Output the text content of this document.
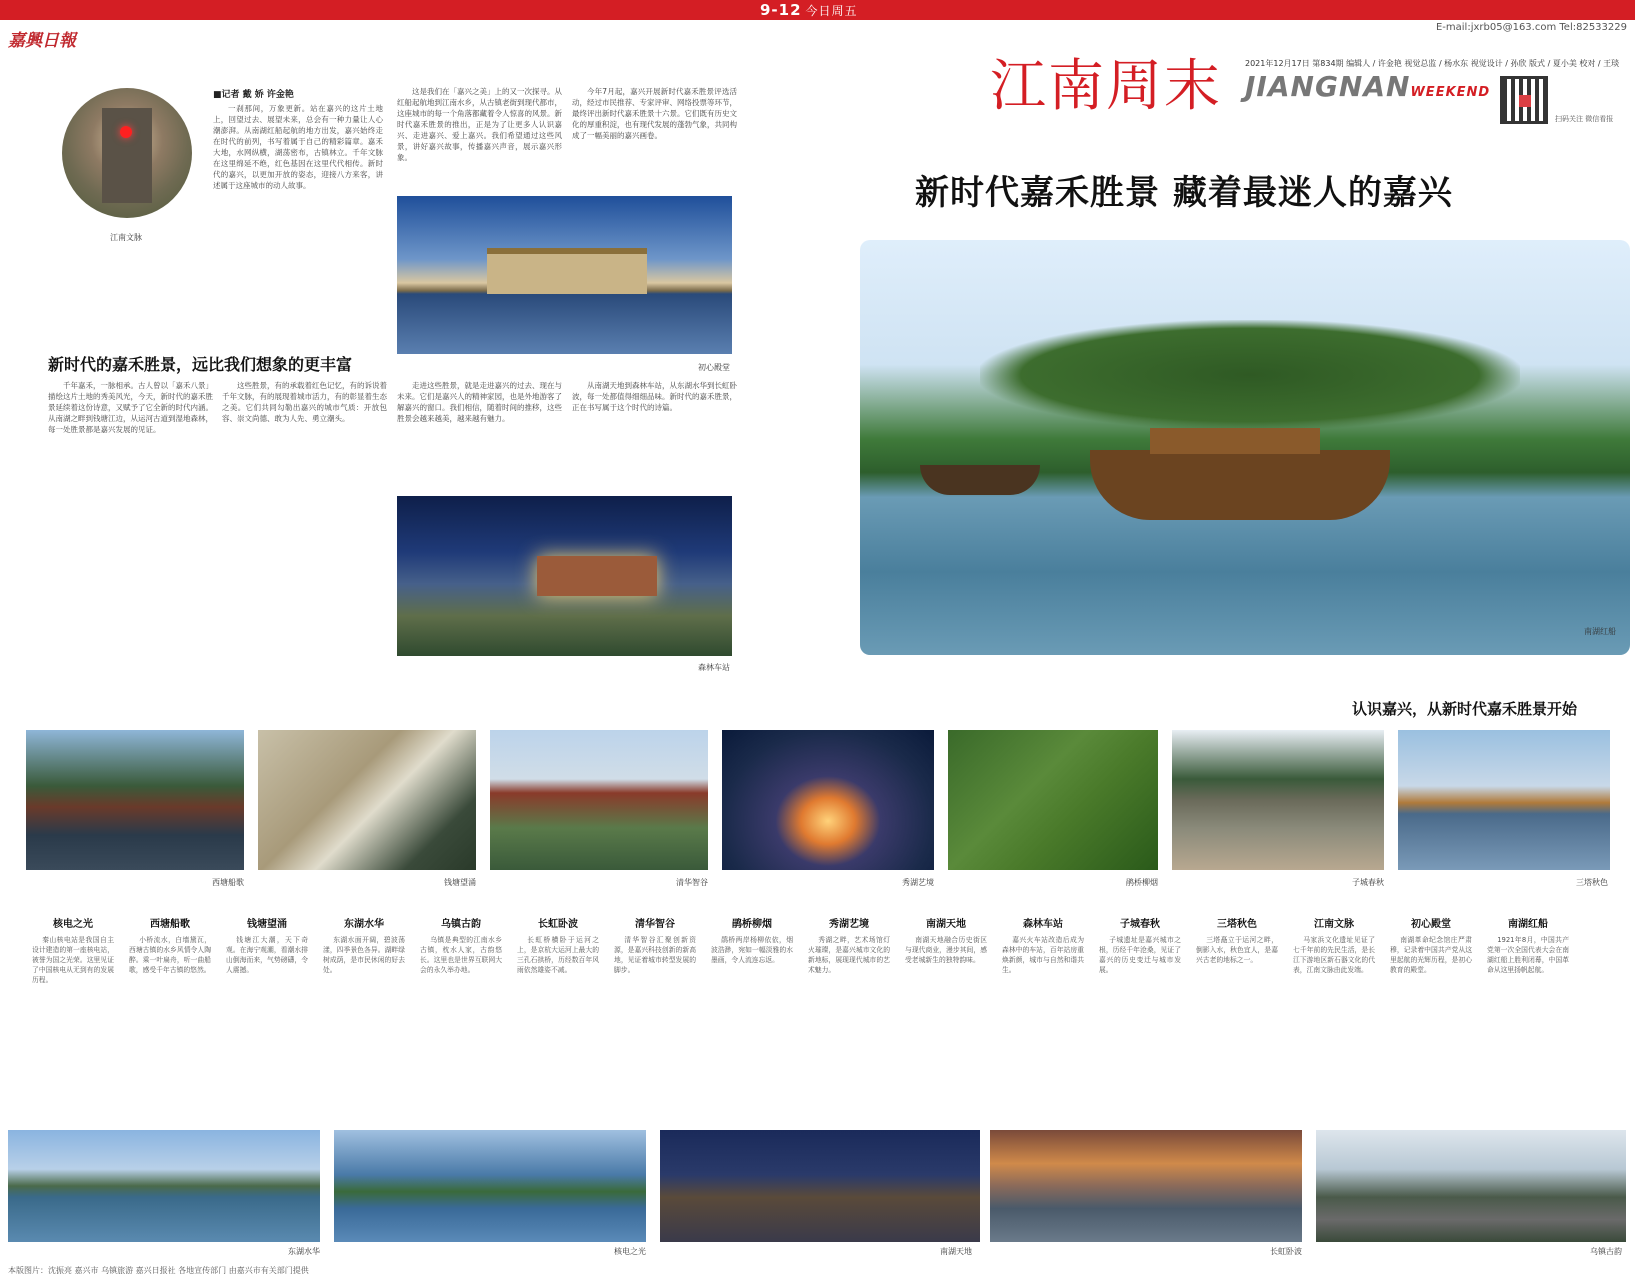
9-12 今日周五
E-mail:jxrb05@163.com Tel:82533229
嘉興日報
江南周末	2021年12月17日 第834期 编辑人 / 许金艳 视觉总监 / 杨水东 视觉设计 / 孙欣 版式 / 夏小美 校对 / 王琰
JIANGNANWEEKEND
扫码关注 微信看报
新时代嘉禾胜景 藏着最迷人的嘉兴
南湖红船
江南文脉
■记者 戴 娇 许金艳

一刹那间，万象更新。站在嘉兴的这片土地上，回望过去、展望未来，总会有一种力量让人心潮澎湃。从南湖红船起航的地方出发，嘉兴始终走在时代的前列，书写着属于自己的精彩篇章。嘉禾大地，水网纵横，湖荡密布，古镇林立。千年文脉在这里绵延不绝，红色基因在这里代代相传。新时代的嘉兴，以更加开放的姿态，迎接八方来客，讲述属于这座城市的动人故事。

这是我们在「嘉兴之美」上的又一次探寻。从红船起航地到江南水乡，从古镇老街到现代都市，这座城市的每一个角落都藏着令人惊喜的风景。新时代嘉禾胜景的推出，正是为了让更多人认识嘉兴、走进嘉兴、爱上嘉兴。我们希望通过这些风景，讲好嘉兴故事，传播嘉兴声音，展示嘉兴形象。

今年7月起，嘉兴开展新时代嘉禾胜景评选活动，经过市民推荐、专家评审、网络投票等环节，最终评出新时代嘉禾胜景十六景。它们既有历史文化的厚重积淀，也有现代发展的蓬勃气象，共同构成了一幅美丽的嘉兴画卷。

初心殿堂
新时代的嘉禾胜景，远比我们想象的更丰富

千年嘉禾，一脉相承。古人曾以「嘉禾八景」描绘这片土地的秀美风光，今天，新时代的嘉禾胜景延续着这份诗意，又赋予了它全新的时代内涵。从南湖之畔到钱塘江边，从运河古道到湿地森林，每一处胜景都是嘉兴发展的见证。

这些胜景，有的承载着红色记忆，有的诉说着千年文脉，有的展现着城市活力，有的彰显着生态之美。它们共同勾勒出嘉兴的城市气质：开放包容、崇文尚德、敢为人先、勇立潮头。

走进这些胜景，就是走进嘉兴的过去、现在与未来。它们是嘉兴人的精神家园，也是外地游客了解嘉兴的窗口。我们相信，随着时间的推移，这些胜景会越来越美，越来越有魅力。

从南湖天地到森林车站，从东湖水华到长虹卧波，每一处都值得细细品味。新时代的嘉禾胜景，正在书写属于这个时代的诗篇。

森林车站
认识嘉兴，从新时代嘉禾胜景开始
西塘船歌	钱塘望涌	清华智谷	秀湖艺境	鹃桥柳烟	子城春秋	三塔秋色
核电之光
秦山核电站是我国自主设计建造的第一座核电站，被誉为国之光荣。这里见证了中国核电从无到有的发展历程。
西塘船歌
小桥流水，白墙黛瓦，西塘古镇的水乡风情令人陶醉。乘一叶扁舟，听一曲船歌，感受千年古镇的悠然。
钱塘望涌
钱塘江大潮，天下奇观。在海宁观潮，看潮水排山倒海而来，气势磅礴，令人震撼。
东湖水华
东湖水面开阔，碧波荡漾，四季景色各异。湖畔绿树成荫，是市民休闲的好去处。
乌镇古韵
乌镇是典型的江南水乡古镇，枕水人家，古韵悠长。这里也是世界互联网大会的永久举办地。
长虹卧波
长虹桥横卧于运河之上，是京杭大运河上最大的三孔石拱桥，历经数百年风雨依然雄姿不减。
清华智谷
清华智谷汇聚创新资源，是嘉兴科技创新的新高地，见证着城市转型发展的脚步。
鹃桥柳烟
鹃桥两岸杨柳依依，烟波浩渺，宛如一幅淡雅的水墨画，令人流连忘返。
秀湖艺境
秀湖之畔，艺术场馆灯火璀璨，是嘉兴城市文化的新地标，展现现代城市的艺术魅力。
南湖天地
南湖天地融合历史街区与现代商业，漫步其间，感受老城新生的独特韵味。
森林车站
嘉兴火车站改造后成为森林中的车站，百年站房重焕新颜，城市与自然和谐共生。
子城春秋
子城遗址是嘉兴城市之根，历经千年沧桑，见证了嘉兴的历史变迁与城市发展。
三塔秋色
三塔矗立于运河之畔，倒影入水，秋色宜人，是嘉兴古老的地标之一。
江南文脉
马家浜文化遗址见证了七千年前的先民生活，是长江下游地区新石器文化的代表，江南文脉由此发端。
初心殿堂
南湖革命纪念馆庄严肃穆，记录着中国共产党从这里起航的光辉历程，是初心教育的殿堂。
南湖红船
1921年8月，中国共产党第一次全国代表大会在南湖红船上胜利闭幕，中国革命从这里扬帆起航。
东湖水华	核电之光	南湖天地	长虹卧波	乌镇古韵
本版图片：沈振亮 嘉兴市 乌镇旅游 嘉兴日报社 各地宣传部门 由嘉兴市有关部门提供
